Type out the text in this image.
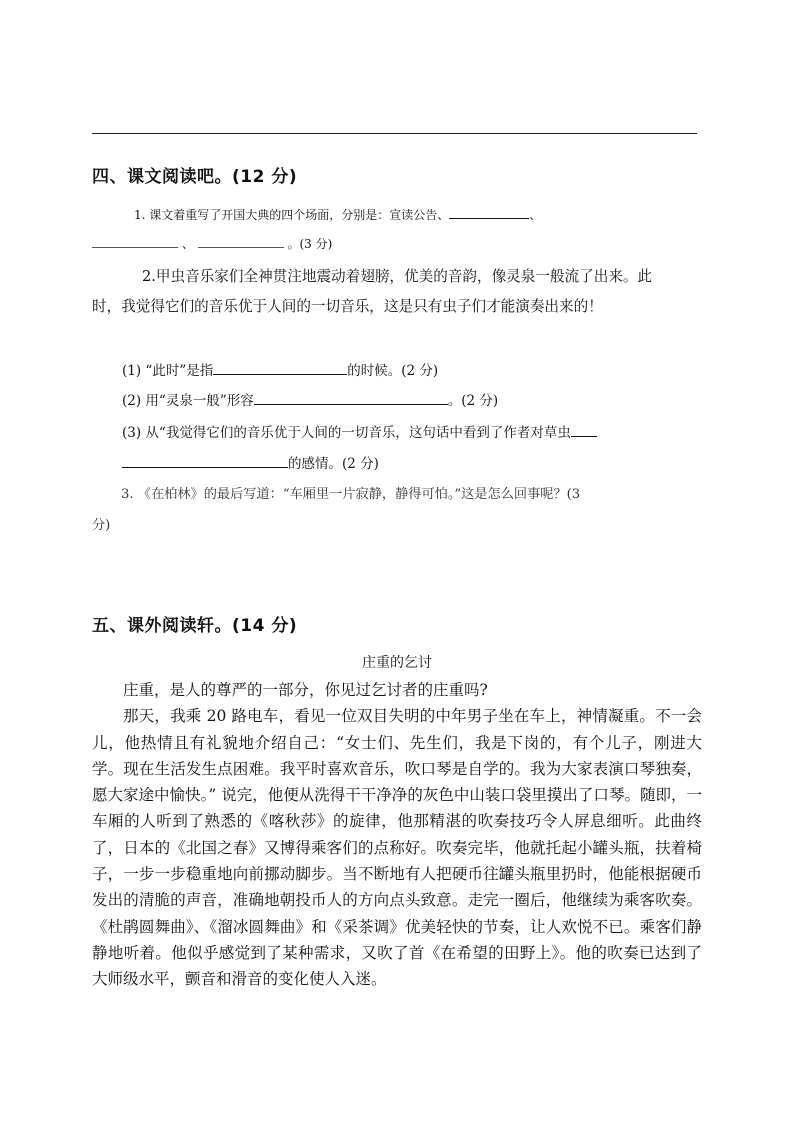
四、课文阅读吧。(12 分)
1. 课文着重写了开国大典的四个场面，分别是：宣读公告、	、
、	。(3 分)
2.甲虫音乐家们全神贯注地震动着翅膀，优美的音韵，像灵泉一般流了出来。此
时，我觉得它们的音乐优于人间的一切音乐，这是只有虫子们才能演奏出来的！
(1) “此时”是指	的时候。(2 分)
(2) 用“灵泉一般”形容	。(2 分)
(3) 从“我觉得它们的音乐优于人间的一切音乐，这句话中看到了作者对草虫
的感情。(2 分)
3. 《在柏林》的最后写道：“车厢里一片寂静，静得可怕。”这是怎么回事呢？(3
分)
五、课外阅读轩。(14 分)
庄重的乞讨

庄重，是人的尊严的一部分，你见过乞讨者的庄重吗?

那天，我乘 20 路电车，看见一位双目失明的中年男子坐在车上，神情凝重。不一会儿，他热情且有礼貌地介绍自己：“女士们、先生们，我是下岗的，有个儿子，刚进大学。现在生活发生点困难。我平时喜欢音乐，吹口琴是自学的。我为大家表演口琴独奏，愿大家途中愉快。” 说完，他便从洗得干干净净的灰色中山装口袋里摸出了口琴。随即，一车厢的人听到了熟悉的《喀秋莎》的旋律，他那精湛的吹奏技巧令人屏息细听。此曲终了，日本的《北国之春》又博得乘客们的点称好。吹奏完毕，他就托起小罐头瓶，扶着椅子，一步一步稳重地向前挪动脚步。当不断地有人把硬币往罐头瓶里扔时，他能根据硬币发出的清脆的声音，准确地朝投币人的方向点头致意。走完一圈后，他继续为乘客吹奏。《杜鹃圆舞曲》、《溜冰圆舞曲》和《采茶调》优美轻快的节奏，让人欢悦不已。乘客们静静地听着。他似乎感觉到了某种需求，又吹了首《在希望的田野上》。他的吹奏已达到了大师级水平，颤音和滑音的变化使人入迷。
